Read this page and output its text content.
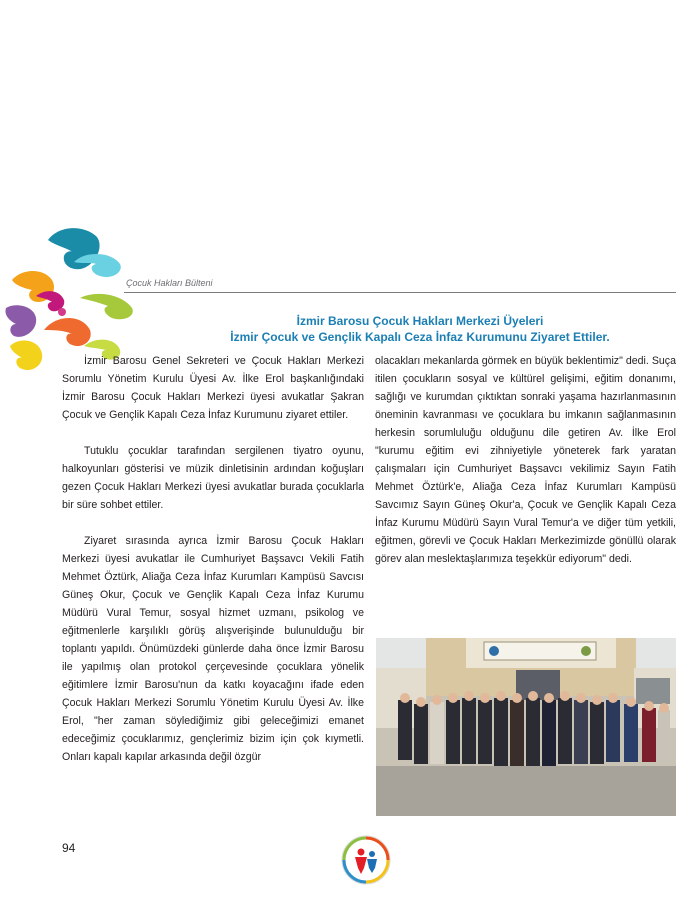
Çocuk Hakları Bülteni
İzmir Barosu Çocuk Hakları Merkezi Üyeleri
İzmir Çocuk ve Gençlik Kapalı Ceza İnfaz Kurumunu Ziyaret Ettiler.

İzmir Barosu Genel Sekreteri ve Çocuk Hakları Merkezi Sorumlu Yönetim Kurulu Üyesi Av. İlke Erol başkanlığındaki İzmir Barosu Çocuk Hakları Merkezi üyesi avukatlar Şakran Çocuk ve Gençlik Kapalı Ceza İnfaz Kurumunu ziyaret ettiler.

Tutuklu çocuklar tarafından sergilenen tiyatro oyunu, halkoyunları gösterisi ve müzik dinletisinin ardından koğuşları gezen Çocuk Hakları Merkezi üyesi avukatlar burada çocuklarla bir süre sohbet ettiler.

Ziyaret sırasında ayrıca İzmir Barosu Çocuk Hakları Merkezi üyesi avukatlar ile Cumhuriyet Başsavcı Vekili Fatih Mehmet Öztürk, Aliağa Ceza İnfaz Kurumları Kampüsü Savcısı Güneş Okur, Çocuk ve Gençlik Kapalı Ceza İnfaz Kurumu Müdürü Vural Temur, sosyal hizmet uzmanı, psikolog ve eğitmenlerle karşılıklı görüş alışverişinde bulunulduğu bir toplantı yapıldı. Önümüzdeki günlerde daha önce İzmir Barosu ile yapılmış olan protokol çerçevesinde çocuklara yönelik eğitimlere İzmir Barosu'nun da katkı koyacağını ifade eden Çocuk Hakları Merkezi Sorumlu Yönetim Kurulu Üyesi Av. İlke Erol, "her zaman söylediğimiz gibi geleceğimizi emanet edeceğimiz çocuklarımız, gençlerimiz bizim için çok kıymetli. Onları kapalı kapılar arkasında değil özgür

olacakları mekanlarda görmek en büyük beklentimiz" dedi. Suça itilen çocukların sosyal ve kültürel gelişimi, eğitim donanımı, sağlığı ve kurumdan çıktıktan sonraki yaşama hazırlanmasının öneminin kavranması ve çocuklara bu imkanın sağlanmasının herkesin sorumluluğu olduğunu dile getiren Av. İlke Erol "kurumu eğitim evi zihniyetiyle yöneterek fark yaratan çalışmaları için Cumhuriyet Başsavcı vekilimiz Sayın Fatih Mehmet Öztürk'e, Aliağa Ceza İnfaz Kurumları Kampüsü Savcımız Sayın Güneş Okur'a, Çocuk ve Gençlik Kapalı Ceza İnfaz Kurumu Müdürü Sayın Vural Temur'a ve diğer tüm yetkili, eğitmen, görevli ve Çocuk Hakları Merkezimizde gönüllü olarak görev alan meslektaşlarımıza teşekkür ediyorum" dedi.

94
